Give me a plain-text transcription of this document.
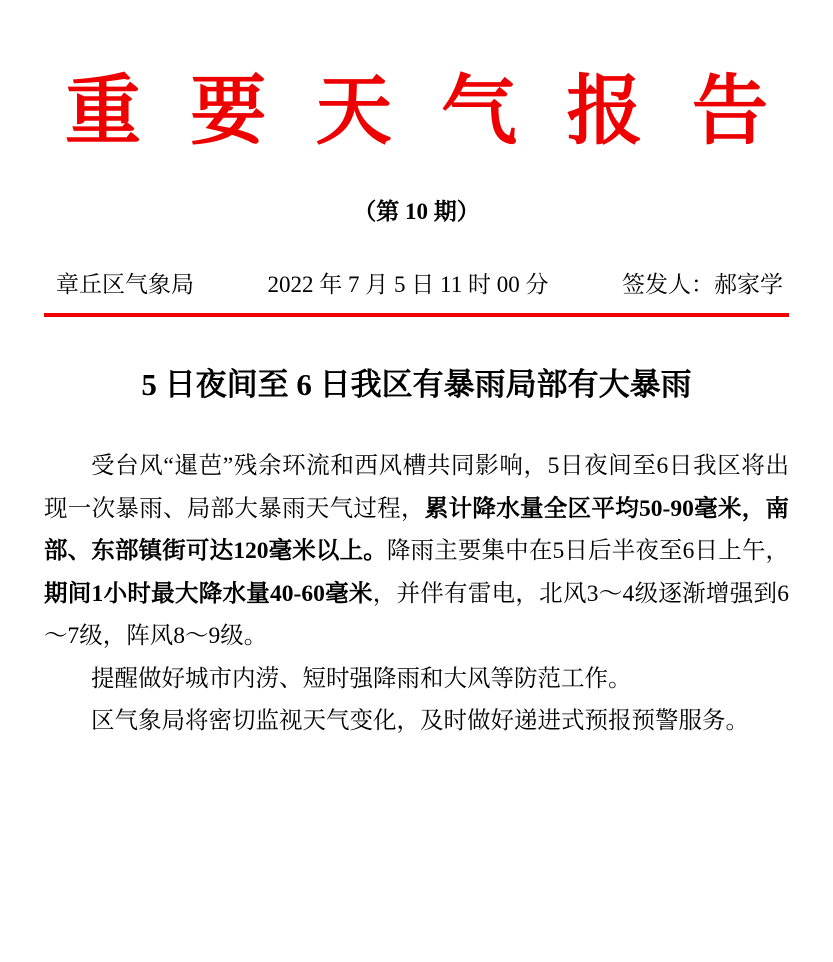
重 要 天 气 报 告
（第 10 期）
章丘区气象局	2022 年 7 月 5 日 11 时 00 分	签发人：郝家学
5 日夜间至 6 日我区有暴雨局部有大暴雨

受台风“暹芭”残余环流和西风槽共同影响，5日夜间至6日我区将出现一次暴雨、局部大暴雨天气过程，累计降水量全区平均50-90毫米，南部、东部镇街可达120毫米以上。降雨主要集中在5日后半夜至6日上午，期间1小时最大降水量40-60毫米，并伴有雷电，北风3～4级逐渐增强到6～7级，阵风8～9级。

提醒做好城市内涝、短时强降雨和大风等防范工作。

区气象局将密切监视天气变化，及时做好递进式预报预警服务。
